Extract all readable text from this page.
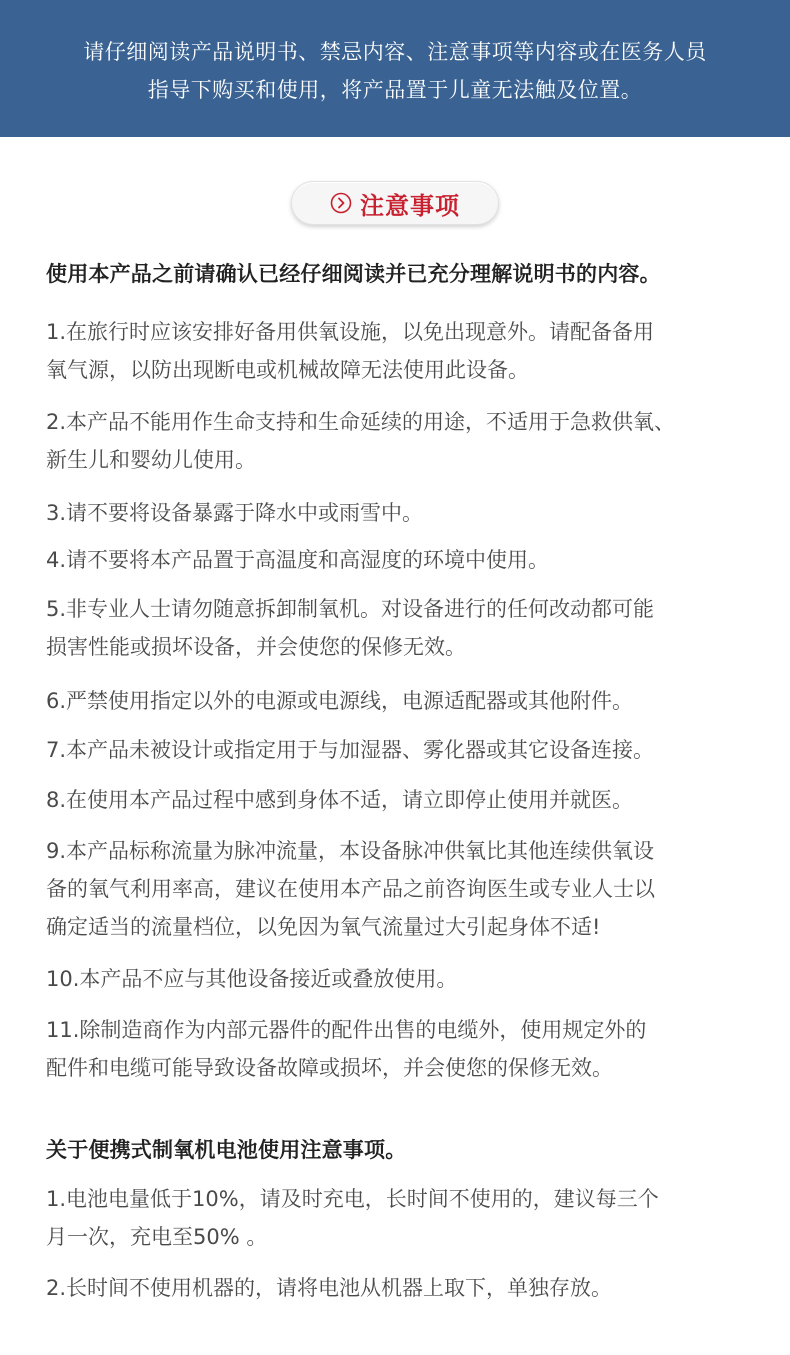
请仔细阅读产品说明书、禁忌内容、注意事项等内容或在医务人员
指导下购买和使用，将产品置于儿童无法触及位置。
注意事项
使用本产品之前请确认已经仔细阅读并已充分理解说明书的内容。
1.在旅行时应该安排好备用供氧设施，以免出现意外。请配备备用
氧气源，以防出现断电或机械故障无法使用此设备。
2.本产品不能用作生命支持和生命延续的用途，不适用于急救供氧、
新生儿和婴幼儿使用。
3.请不要将设备暴露于降水中或雨雪中。
4.请不要将本产品置于高温度和高湿度的环境中使用。
5.非专业人士请勿随意拆卸制氧机。对设备进行的任何改动都可能
损害性能或损坏设备，并会使您的保修无效。
6.严禁使用指定以外的电源或电源线，电源适配器或其他附件。
7.本产品未被设计或指定用于与加湿器、雾化器或其它设备连接。
8.在使用本产品过程中感到身体不适，请立即停止使用并就医。
9.本产品标称流量为脉冲流量，本设备脉冲供氧比其他连续供氧设
备的氧气利用率高，建议在使用本产品之前咨询医生或专业人士以
确定适当的流量档位，以免因为氧气流量过大引起身体不适!
10.本产品不应与其他设备接近或叠放使用。
11.除制造商作为内部元器件的配件出售的电缆外，使用规定外的
配件和电缆可能导致设备故障或损坏，并会使您的保修无效。
关于便携式制氧机电池使用注意事项。
1.电池电量低于10%，请及时充电，长时间不使用的，建议每三个
月一次，充电至50% 。
2.长时间不使用机器的，请将电池从机器上取下，单独存放。
